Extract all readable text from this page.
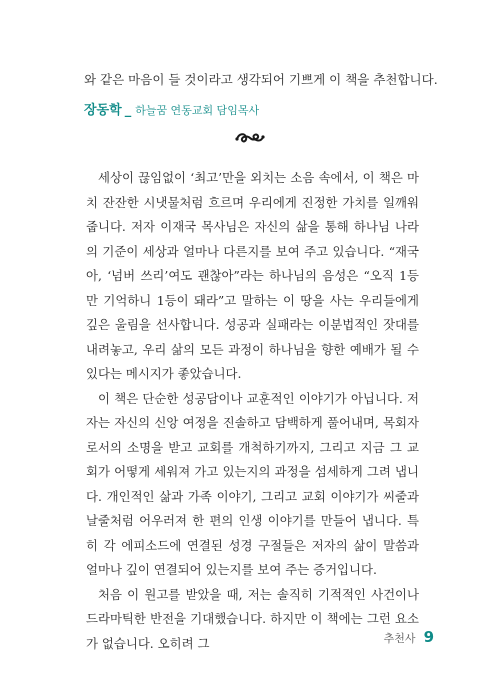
와 같은 마음이 들 것이라고 생각되어 기쁘게 이 책을 추천합니다.
장동학 _ 하늘꿈 연동교회 담임목사

세상이 끊임없이 ‘최고’만을 외치는 소음 속에서, 이 책은 마치 잔잔한 시냇물처럼 흐르며 우리에게 진정한 가치를 일깨워 줍니다. 저자 이재국 목사님은 자신의 삶을 통해 하나님 나라의 기준이 세상과 얼마나 다른지를 보여 주고 있습니다. “재국아, ‘넘버 쓰리’여도 괜찮아”라는 하나님의 음성은 “오직 1등만 기억하니 1등이 돼라”고 말하는 이 땅을 사는 우리들에게 깊은 울림을 선사합니다. 성공과 실패라는 이분법적인 잣대를 내려놓고, 우리 삶의 모든 과정이 하나님을 향한 예배가 될 수 있다는 메시지가 좋았습니다.

이 책은 단순한 성공담이나 교훈적인 이야기가 아닙니다. 저자는 자신의 신앙 여정을 진솔하고 담백하게 풀어내며, 목회자로서의 소명을 받고 교회를 개척하기까지, 그리고 지금 그 교회가 어떻게 세워져 가고 있는지의 과정을 섬세하게 그려 냅니다. 개인적인 삶과 가족 이야기, 그리고 교회 이야기가 씨줄과 날줄처럼 어우러져 한 편의 인생 이야기를 만들어 냅니다. 특히 각 에피소드에 연결된 성경 구절들은 저자의 삶이 말씀과 얼마나 깊이 연결되어 있는지를 보여 주는 증거입니다.

처음 이 원고를 받았을 때, 저는 솔직히 기적적인 사건이나 드라마틱한 반전을 기대했습니다. 하지만 이 책에는 그런 요소가 없습니다. 오히려 그	추천사 9
